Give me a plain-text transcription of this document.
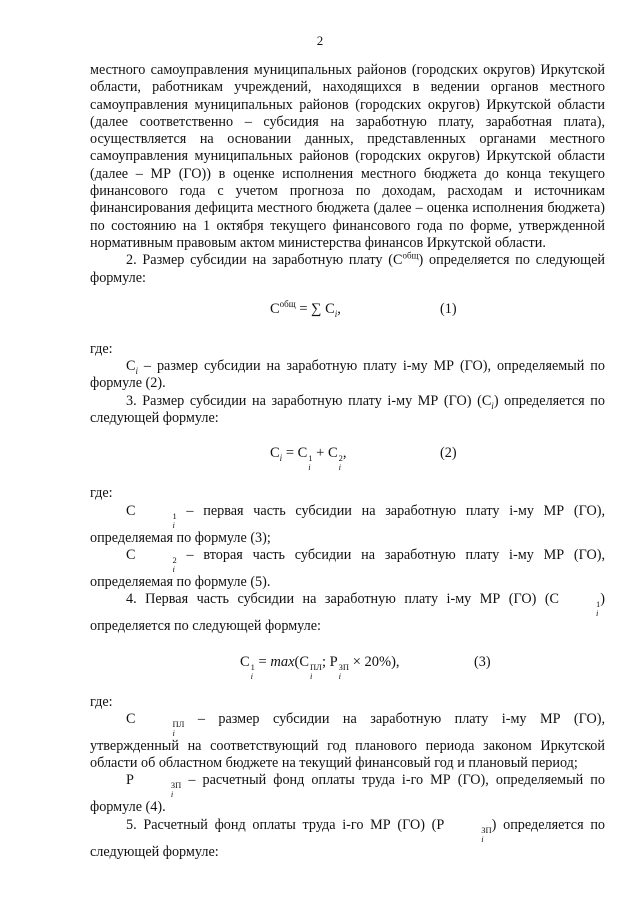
2

местного самоуправления муниципальных районов (городских округов) Иркутской области, работникам учреждений, находящихся в ведении органов местного самоуправления муниципальных районов (городских округов) Иркутской области (далее соответственно – субсидия на заработную плату, заработная плата), осуществляется на основании данных, представленных органами местного самоуправления муниципальных районов (городских округов) Иркутской области (далее – МР (ГО)) в оценке исполнения местного бюджета до конца текущего финансового года с учетом прогноза по доходам, расходам и источникам финансирования дефицита местного бюджета (далее – оценка исполнения бюджета) по состоянию на 1 октября текущего финансового года по форме, утвержденной нормативным правовым актом министерства финансов Иркутской области.

2. Размер субсидии на заработную плату $(C^{общ})$ определяется по следующей формуле:

$C^{общ}$ = ∑ $C_i$,	(1)

где:

$C_i$ – размер субсидии на заработную плату i-му МР (ГО), определяемый по формуле (2).

3. Размер субсидии на заработную плату i-му МР (ГО) $(C_i)$ определяется по следующей формуле:

$C_i = C$ 1
i
+ C 2
i
,	(2)

где:

C	1
i
– первая часть субсидии на заработную плату i-му МР (ГО), определяемая по формуле (3);

C	2
i
– вторая часть субсидии на заработную плату i-му МР (ГО), определяемая по формуле (5).

4. Первая часть субсидии на заработную плату i-му МР (ГО) (C	1
i
) определяется по следующей формуле:

C 1
i
= max(C ПЛ
i
; P ЗП
i
× 20%),	(3)

где:

C	ПЛ
i
– размер субсидии на заработную плату i-му МР (ГО), утвержденный на соответствующий год планового периода законом Иркутской области об областном бюджете на текущий финансовый год и плановый период;

P	ЗП
i
– расчетный фонд оплаты труда i-го МР (ГО), определяемый по формуле (4).

5. Расчетный фонд оплаты труда i-го МР (ГО) (P	ЗП
i
) определяется по следующей формуле:
